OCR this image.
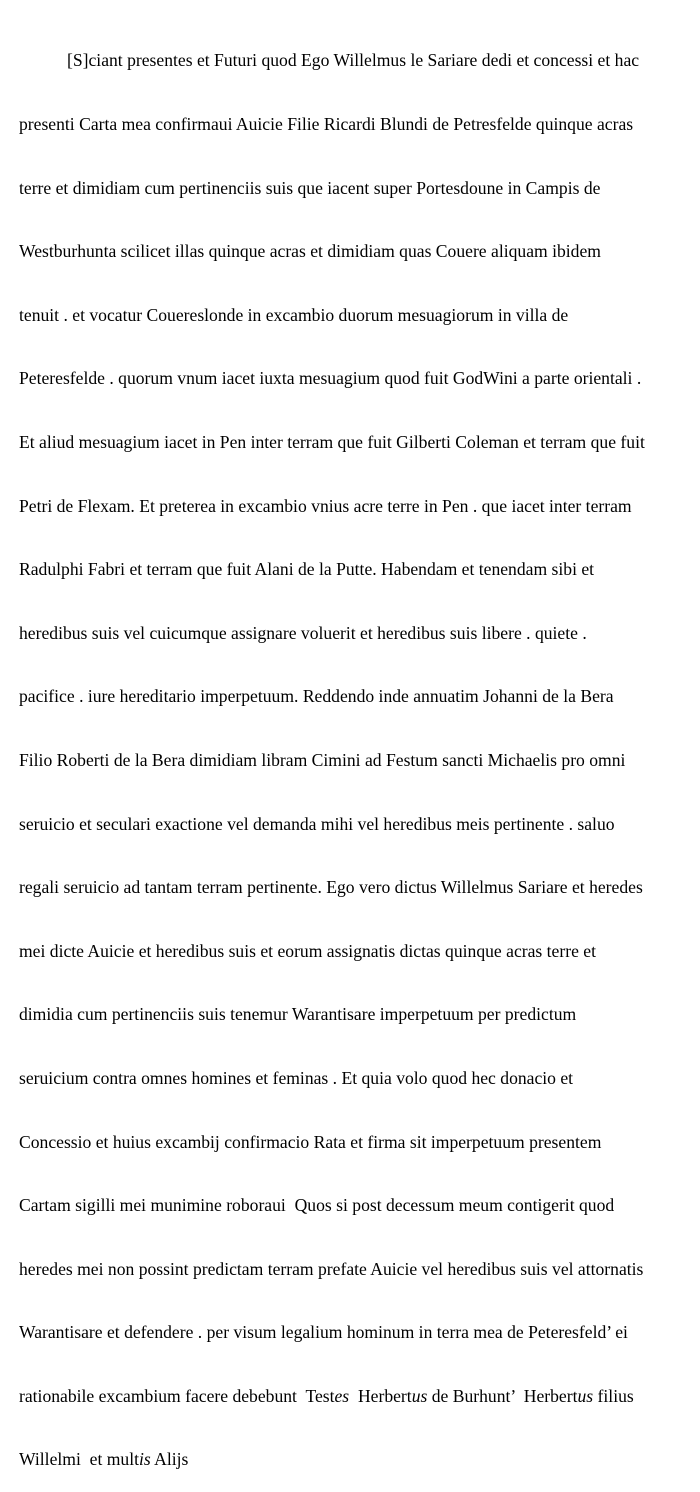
[S]ciant presentes et Futuri quod Ego Willelmus le Sariare dedi et concessi et hac

presenti Carta mea confirmaui Auicie Filie Ricardi Blundi de Petresfelde quinque acras

terre et dimidiam cum pertinenciis suis que iacent super Portesdoune in Campis de

Westburhunta scilicet illas quinque acras et dimidiam quas Couere aliquam ibidem

tenuit . et vocatur Couereslonde in excambio duorum mesuagiorum in villa de

Peteresfelde . quorum vnum iacet iuxta mesuagium quod fuit GodWini a parte orientali .

Et aliud mesuagium iacet in Pen inter terram que fuit Gilberti Coleman et terram que fuit

Petri de Flexam. Et preterea in excambio vnius acre terre in Pen . que iacet inter terram

Radulphi Fabri et terram que fuit Alani de la Putte. Habendam et tenendam sibi et

heredibus suis vel cuicumque assignare voluerit et heredibus suis libere . quiete .

pacifice . iure hereditario imperpetuum. Reddendo inde annuatim Johanni de la Bera

Filio Roberti de la Bera dimidiam libram Cimini ad Festum sancti Michaelis pro omni

seruicio et seculari exactione vel demanda mihi vel heredibus meis pertinente . saluo

regali seruicio ad tantam terram pertinente. Ego vero dictus Willelmus Sariare et heredes

mei dicte Auicie et heredibus suis et eorum assignatis dictas quinque acras terre et

dimidia cum pertinenciis suis tenemur Warantisare imperpetuum per predictum

seruicium contra omnes homines et feminas . Et quia volo quod hec donacio et

Concessio et huius excambij confirmacio Rata et firma sit imperpetuum presentem

Cartam sigilli mei munimine roboraui  Quos si post decessum meum contigerit quod

heredes mei non possint predictam terram prefate Auicie vel heredibus suis vel attornatis

Warantisare et defendere . per visum legalium hominum in terra mea de Peteresfeld’ ei

rationabile excambium facere debebunt  Testes  Herbertus de Burhunt’  Herbertus filius

Willelmi  et multis Alijs
